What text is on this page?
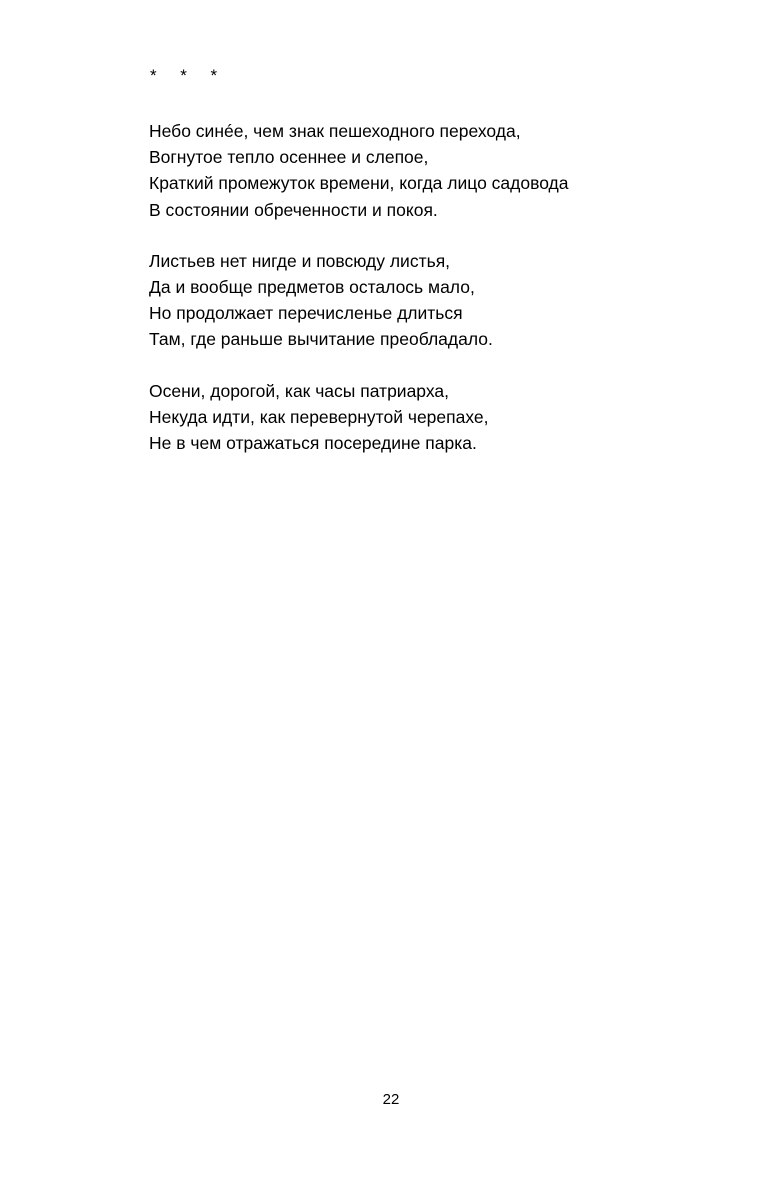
*     *     *
Небо синée, чем знак пешеходного перехода,
Вогнутое тепло осеннее и слепое,
Краткий промежуток времени, когда лицо садовода
В состоянии обреченности и покоя.
Листьев нет нигде и повсюду листья,
Да и вообще предметов осталось мало,
Но продолжает перечисленье длиться
Там, где раньше вычитание преобладало.
Осени, дорогой, как часы патриарха,
Некуда идти, как перевернутой черепахе,
Не в чем отражаться посередине парка.
22
